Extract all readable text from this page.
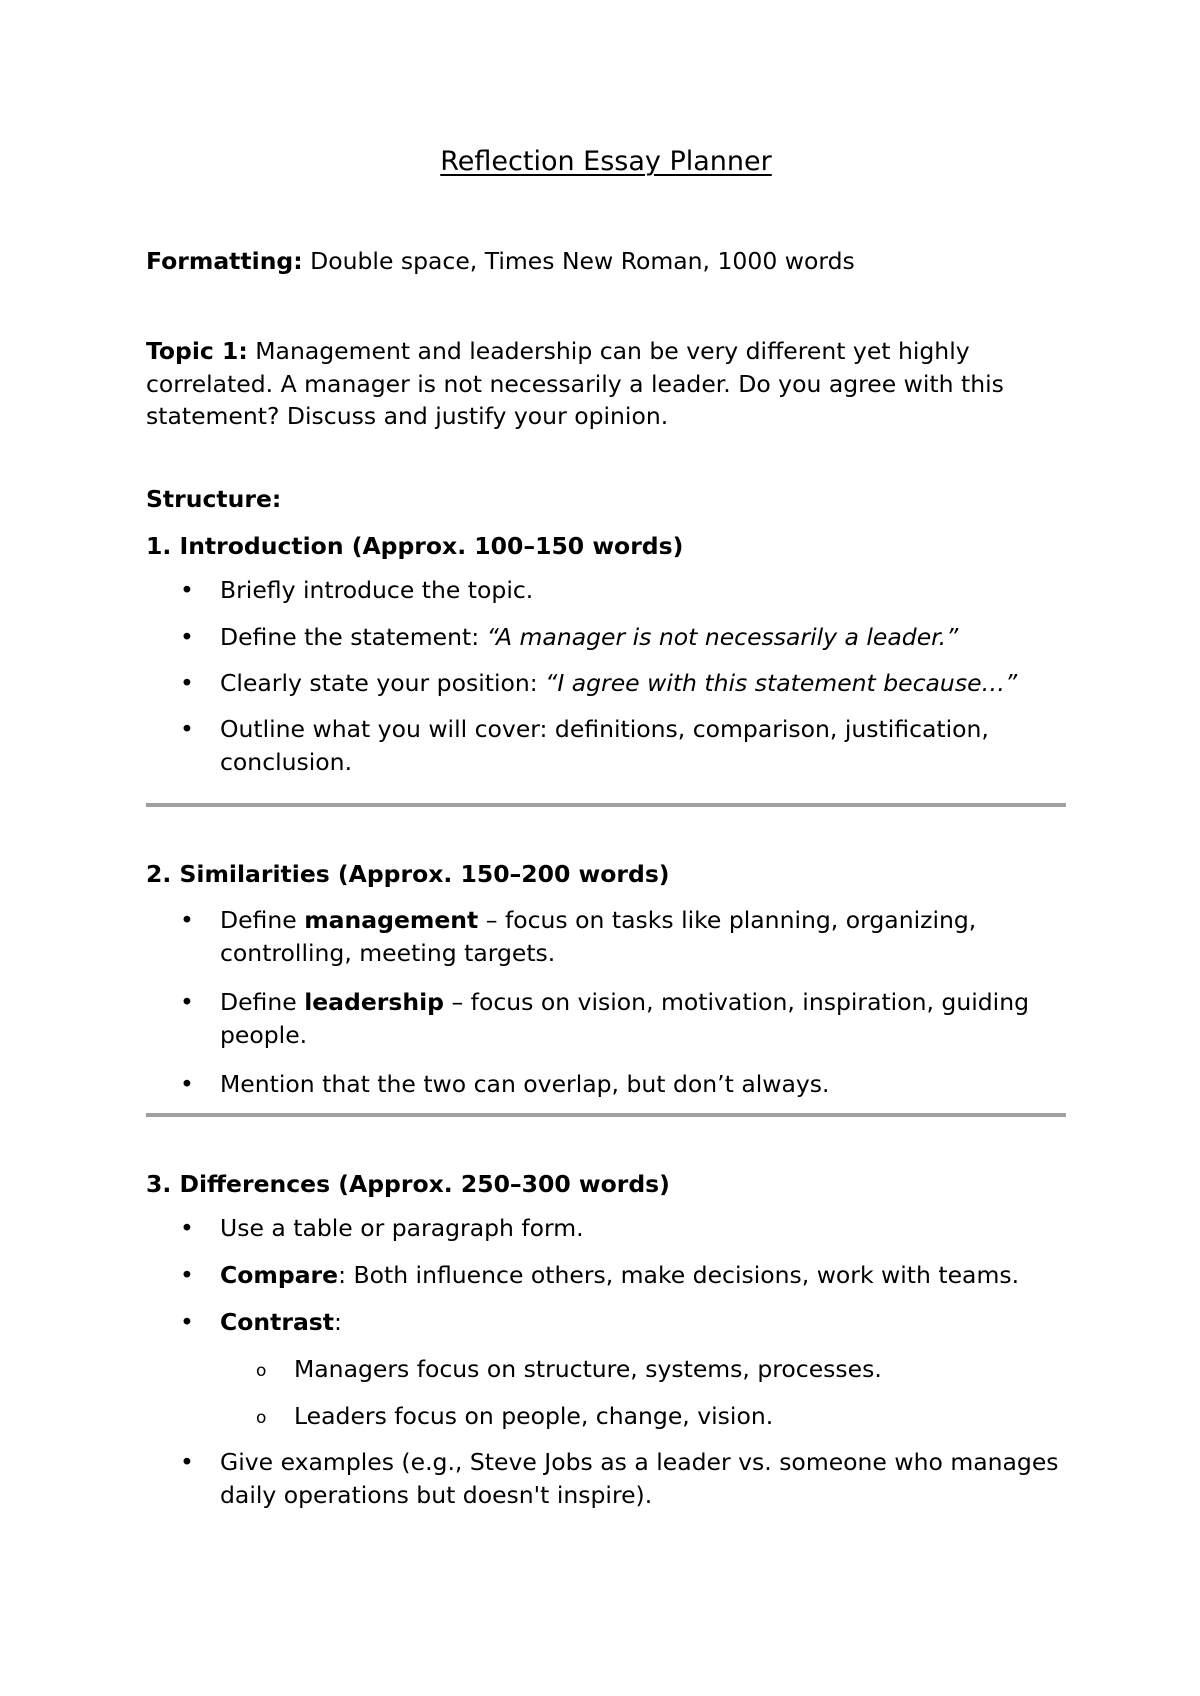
Reflection Essay Planner
Formatting: Double space, Times New Roman, 1000 words
Topic 1: Management and leadership can be very different yet highly correlated. A manager is not necessarily a leader. Do you agree with this statement? Discuss and justify your opinion.
Structure:
1. Introduction (Approx. 100–150 words)
• Briefly introduce the topic.
• Define the statement: “A manager is not necessarily a leader.”
• Clearly state your position: “I agree with this statement because…”
• Outline what you will cover: definitions, comparison, justification, conclusion.
2. Similarities (Approx. 150–200 words)
• Define management – focus on tasks like planning, organizing, controlling, meeting targets.
• Define leadership – focus on vision, motivation, inspiration, guiding people.
• Mention that the two can overlap, but don’t always.
3. Differences (Approx. 250–300 words)
• Use a table or paragraph form.
• Compare: Both influence others, make decisions, work with teams.
• Contrast:
o Managers focus on structure, systems, processes.
o Leaders focus on people, change, vision.
• Give examples (e.g., Steve Jobs as a leader vs. someone who manages daily operations but doesn't inspire).
